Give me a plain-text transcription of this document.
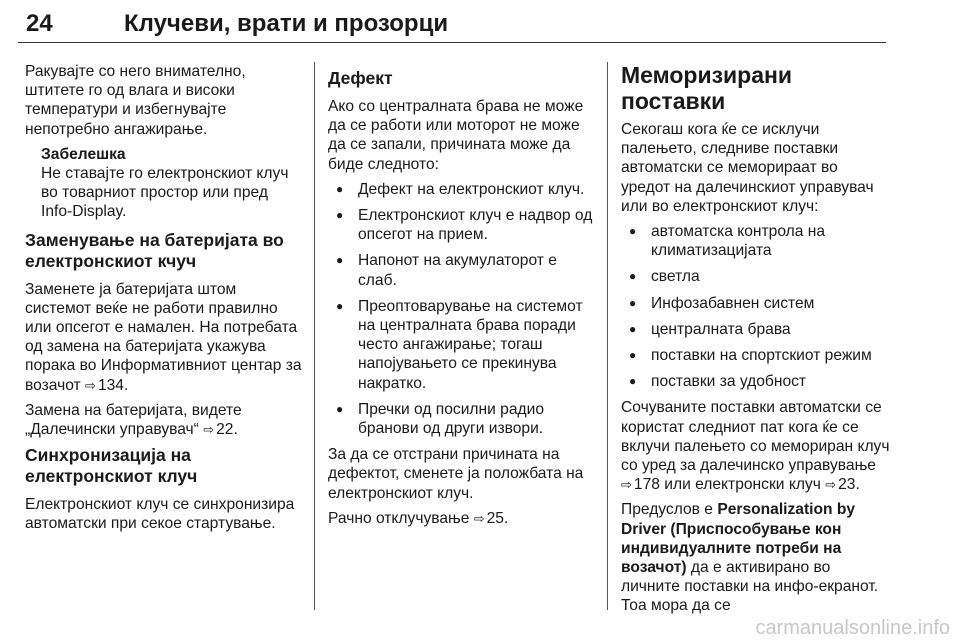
24	Клучеви, врати и прозорци

Ракувајте со него внимателно, штитете го од влага и високи температури и избегнувајте непотребно ангажирање.

Забелешка
Не ставајте го електронскиот клуч во товарниот простор или пред Info-Display.
Заменување на батеријата во електронскиот кчуч

Заменете ја батеријата штом системот веќе не работи правилно или опсегот е намален. На потребата од замена на батеријата укажува порака во Информативниот центар за возачот ⇨ 134.

Замена на батеријата, видете „Далечински управувач“ ⇨ 22.

Синхронизација на електронскиот клуч

Електронскиот клуч се синхронизира автоматски при секое стартување.

Дефект

Ако со централната брава не може да се работи или моторот не може да се запали, причината може да биде следното:

● Дефект на електронскиот клуч.
● Електронскиот клуч е надвор од опсегот на прием.
● Напонот на акумулаторот е слаб.
● Преоптоварување на системот на централната брава поради често ангажирање; тогаш напојувањето се прекинува накратко.
● Пречки од посилни радио бранови од други извори.

За да се отстрани причината на дефектот, сменете ја положбата на електронскиот клуч.

Рачно отклучување ⇨ 25.

Меморизирани поставки

Секогаш кога ќе се исклучи палењето, следниве поставки автоматски се меморираат во уредот на далечинскиот управувач или во електронскиот клуч:

● автоматска контрола на климатизацијата
● светла
● Инфозабавнен систем
● централната брава
● поставки на спортскиот режим
● поставки за удобност

Сочуваните поставки автоматски се користат следниот пат кога ќе се вклучи палењето со мемориран клуч со уред за далечинско управување ⇨ 178 или електронски клуч ⇨ 23.

Предуслов е Personalization by Driver (Приспособување кон индивидуалните потреби на возачот) да е активирано во личните поставки на инфо-екранот. Тоа мора да се

carmanualsonline.info
